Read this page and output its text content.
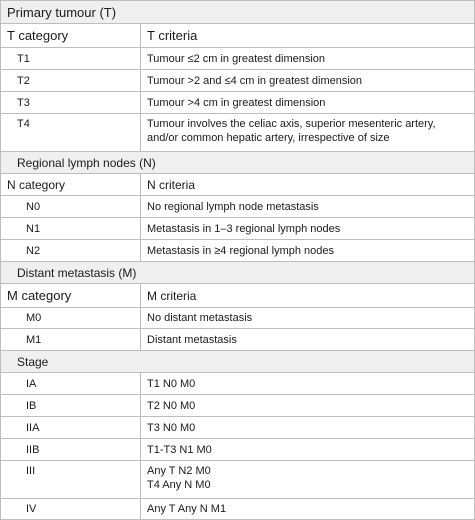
Primary tumour (T)
T category	T criteria
T1	Tumour ≤2 cm in greatest dimension
T2	Tumour >2 and ≤4 cm in greatest dimension
T3	Tumour >4 cm in greatest dimension
T4	Tumour involves the celiac axis, superior mesenteric artery, and/or common hepatic artery, irrespective of size
Regional lymph nodes (N)
N category	N criteria
N0	No regional lymph node metastasis
N1	Metastasis in 1–3 regional lymph nodes
N2	Metastasis in ≥4 regional lymph nodes
Distant metastasis (M)
M category	M criteria
M0	No distant metastasis
M1	Distant metastasis
Stage
IA	T1 N0 M0
IB	T2 N0 M0
IIA	T3 N0 M0
IIB	T1-T3 N1 M0
III	Any T N2 M0
T4 Any N M0
IV	Any T Any N M1
